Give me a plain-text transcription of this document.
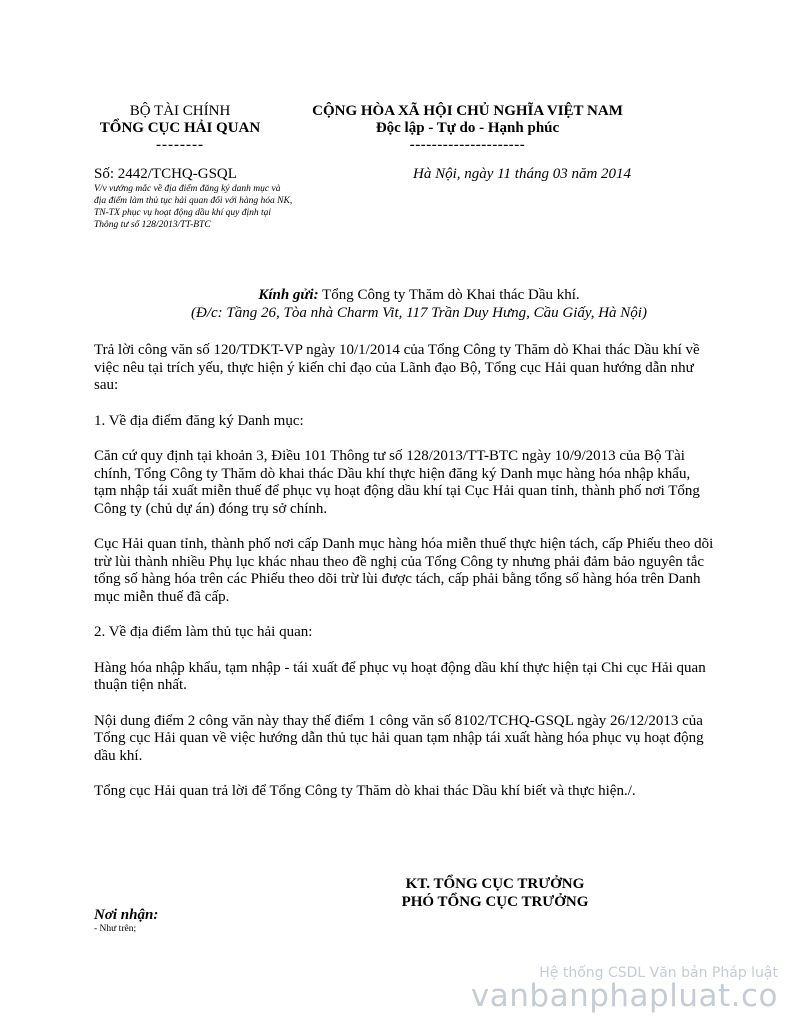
BỘ TÀI CHÍNH
TỔNG CỤC HẢI QUAN
--------
CỘNG HÒA XÃ HỘI CHỦ NGHĨA VIỆT NAM
Độc lập - Tự do - Hạnh phúc
---------------------
Số: 2442/TCHQ-GSQL
V/v vướng mắc về địa điểm đăng ký danh mục và địa điểm làm thủ tục hải quan đối với hàng hóa NK, TN-TX phục vụ hoạt động dầu khí quy định tại Thông tư số 128/2013/TT-BTC
Hà Nội, ngày 11 tháng 03 năm 2014
Kính gửi: Tổng Công ty Thăm dò Khai thác Dầu khí.
(Đ/c: Tầng 26, Tòa nhà Charm Vit, 117 Trần Duy Hưng, Cầu Giấy, Hà Nội)

Trả lời công văn số 120/TDKT-VP ngày 10/1/2014 của Tổng Công ty Thăm dò Khai thác Dầu khí về việc nêu tại trích yếu, thực hiện ý kiến chỉ đạo của Lãnh đạo Bộ, Tổng cục Hải quan hướng dẫn như sau:

1. Về địa điểm đăng ký Danh mục:

Căn cứ quy định tại khoản 3, Điều 101 Thông tư số 128/2013/TT-BTC ngày 10/9/2013 của Bộ Tài chính, Tổng Công ty Thăm dò khai thác Dầu khí thực hiện đăng ký Danh mục hàng hóa nhập khẩu, tạm nhập tái xuất miễn thuế để phục vụ hoạt động dầu khí tại Cục Hải quan tỉnh, thành phố nơi Tổng Công ty (chủ dự án) đóng trụ sở chính.

Cục Hải quan tỉnh, thành phố nơi cấp Danh mục hàng hóa miễn thuế thực hiện tách, cấp Phiếu theo dõi trừ lùi thành nhiều Phụ lục khác nhau theo đề nghị của Tổng Công ty nhưng phải đảm bảo nguyên tắc tổng số hàng hóa trên các Phiếu theo dõi trừ lùi được tách, cấp phải bằng tổng số hàng hóa trên Danh mục miễn thuế đã cấp.

2. Về địa điểm làm thủ tục hải quan:

Hàng hóa nhập khẩu, tạm nhập - tái xuất để phục vụ hoạt động dầu khí thực hiện tại Chi cục Hải quan thuận tiện nhất.

Nội dung điểm 2 công văn này thay thế điểm 1 công văn số 8102/TCHQ-GSQL ngày 26/12/2013 của Tổng cục Hải quan về việc hướng dẫn thủ tục hải quan tạm nhập tái xuất hàng hóa phục vụ hoạt động dầu khí.

Tổng cục Hải quan trả lời để Tổng Công ty Thăm dò khai thác Dầu khí biết và thực hiện./.

KT. TỔNG CỤC TRƯỞNG
PHÓ TỔNG CỤC TRƯỞNG
Nơi nhận:
- Như trên;
Hệ thống CSDL Văn bản Pháp luật
vanbanphapluat.co
